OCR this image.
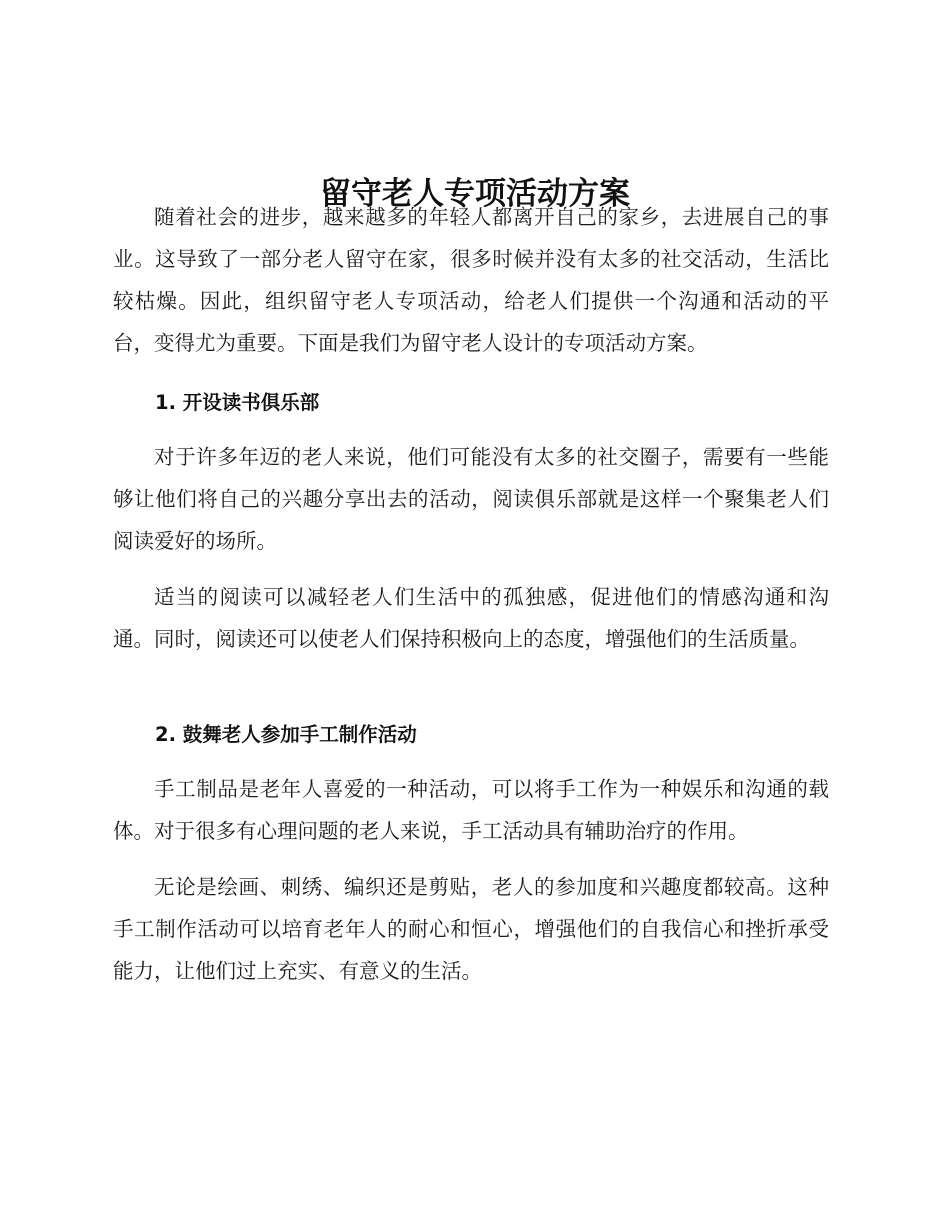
留守老人专项活动方案

随着社会的进步，越来越多的年轻人都离开自己的家乡，去进展自己的事业。这导致了一部分老人留守在家，很多时候并没有太多的社交活动，生活比较枯燥。因此，组织留守老人专项活动，给老人们提供一个沟通和活动的平台，变得尤为重要。下面是我们为留守老人设计的专项活动方案。

1. 开设读书俱乐部

对于许多年迈的老人来说，他们可能没有太多的社交圈子，需要有一些能够让他们将自己的兴趣分享出去的活动，阅读俱乐部就是这样一个聚集老人们阅读爱好的场所。

适当的阅读可以减轻老人们生活中的孤独感，促进他们的情感沟通和沟通。同时，阅读还可以使老人们保持积极向上的态度，增强他们的生活质量。

2. 鼓舞老人参加手工制作活动

手工制品是老年人喜爱的一种活动，可以将手工作为一种娱乐和沟通的载体。对于很多有心理问题的老人来说，手工活动具有辅助治疗的作用。

无论是绘画、刺绣、编织还是剪贴，老人的参加度和兴趣度都较高。这种手工制作活动可以培育老年人的耐心和恒心，增强他们的自我信心和挫折承受能力，让他们过上充实、有意义的生活。
